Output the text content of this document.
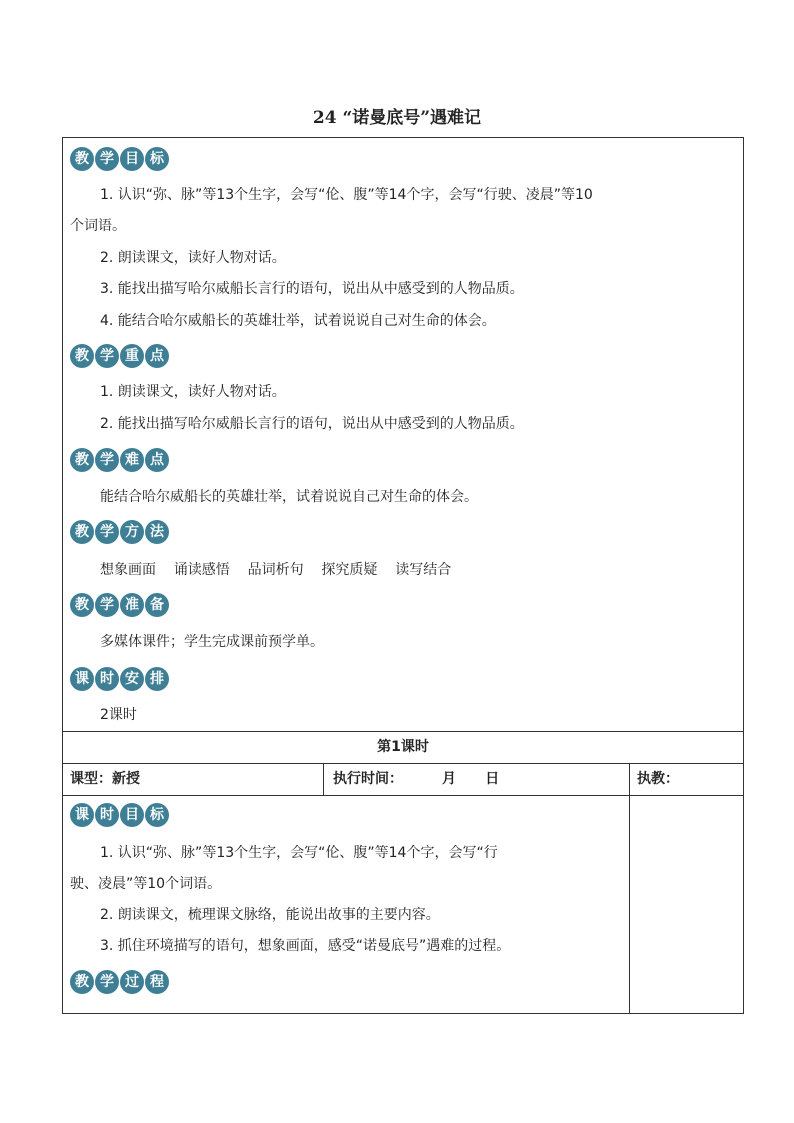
24 “诺曼底号”遇难记
教 学 目 标
1. 认识“弥、脉”等13个生字，会写“伦、腹”等14个字，会写“行驶、凌晨”等10
个词语。
2. 朗读课文，读好人物对话。
3. 能找出描写哈尔威船长言行的语句，说出从中感受到的人物品质。
4. 能结合哈尔威船长的英雄壮举，试着说说自己对生命的体会。
教 学 重 点
1. 朗读课文，读好人物对话。
2. 能找出描写哈尔威船长言行的语句，说出从中感受到的人物品质。
教 学 难 点
能结合哈尔威船长的英雄壮举，试着说说自己对生命的体会。
教 学 方 法
想象画面    诵读感悟    品词析句    探究质疑    读写结合
教 学 准 备
多媒体课件；学生完成课前预学单。
课 时 安 排
2课时
第1课时
课型：新授	执行时间：        月      日	执教：
课 时 目 标
1. 认识“弥、脉”等13个生字，会写“伦、腹”等14个字，会写“行
驶、凌晨”等10个词语。
2. 朗读课文，梳理课文脉络，能说出故事的主要内容。
3. 抓住环境描写的语句，想象画面，感受“诺曼底号”遇难的过程。
教 学 过 程
